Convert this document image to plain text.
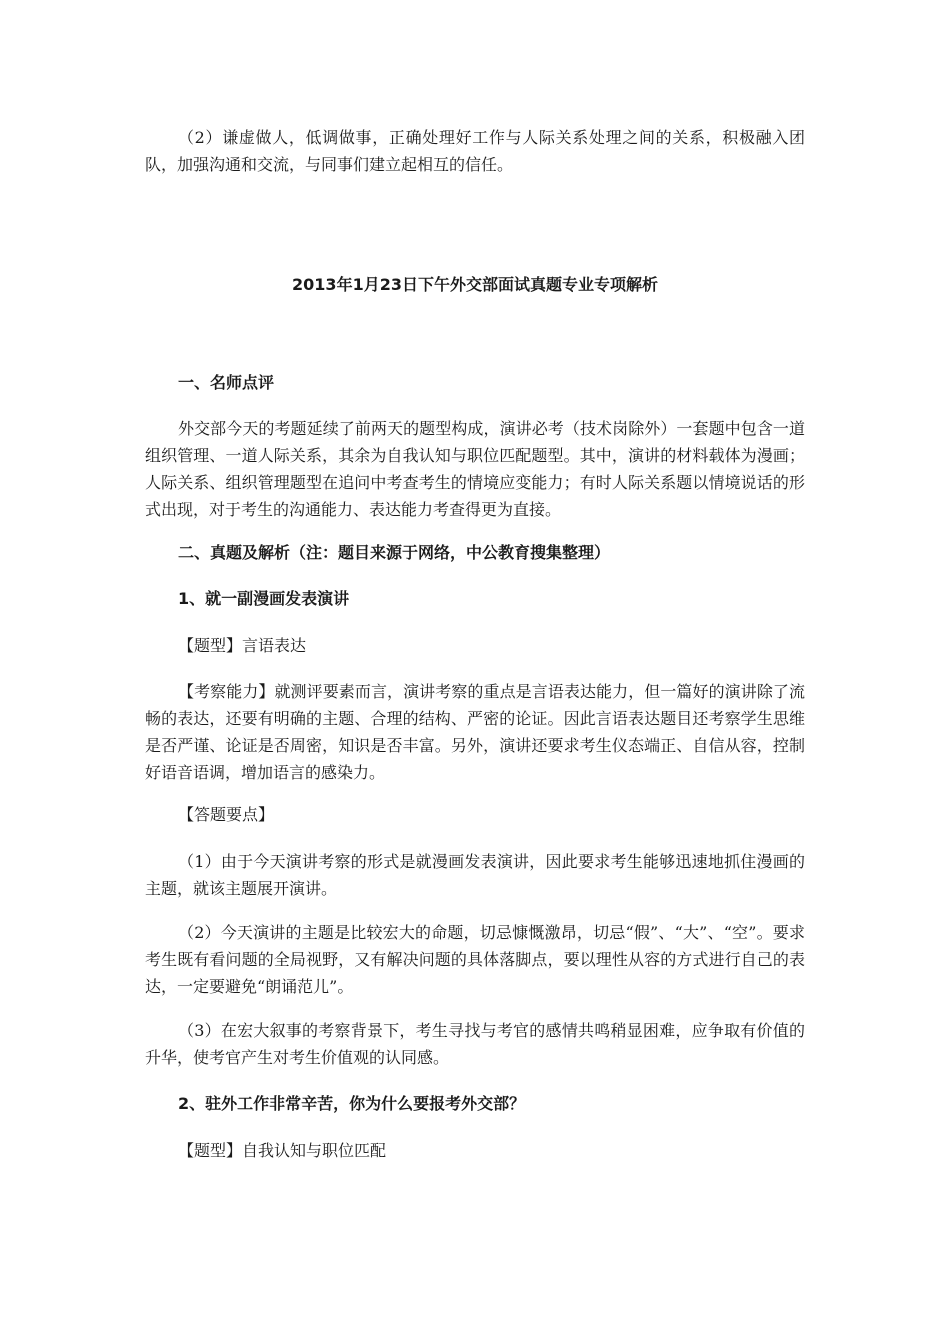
（2）谦虚做人，低调做事，正确处理好工作与人际关系处理之间的关系，积极融入团队，加强沟通和交流，与同事们建立起相互的信任。

2013年1月23日下午外交部面试真题专业专项解析

一、名师点评

外交部今天的考题延续了前两天的题型构成，演讲必考（技术岗除外）一套题中包含一道组织管理、一道人际关系，其余为自我认知与职位匹配题型。其中，演讲的材料载体为漫画；人际关系、组织管理题型在追问中考查考生的情境应变能力；有时人际关系题以情境说话的形式出现，对于考生的沟通能力、表达能力考查得更为直接。

二、真题及解析（注：题目来源于网络，中公教育搜集整理）

1、就一副漫画发表演讲

【题型】言语表达

【考察能力】就测评要素而言，演讲考察的重点是言语表达能力，但一篇好的演讲除了流畅的表达，还要有明确的主题、合理的结构、严密的论证。因此言语表达题目还考察学生思维是否严谨、论证是否周密，知识是否丰富。另外，演讲还要求考生仪态端正、自信从容，控制好语音语调，增加语言的感染力。

【答题要点】

（1）由于今天演讲考察的形式是就漫画发表演讲，因此要求考生能够迅速地抓住漫画的主题，就该主题展开演讲。

（2）今天演讲的主题是比较宏大的命题，切忌慷慨激昂，切忌“假”、“大”、“空”。要求考生既有看问题的全局视野，又有解决问题的具体落脚点，要以理性从容的方式进行自己的表达，一定要避免“朗诵范儿”。

（3）在宏大叙事的考察背景下，考生寻找与考官的感情共鸣稍显困难，应争取有价值的升华，使考官产生对考生价值观的认同感。

2、驻外工作非常辛苦，你为什么要报考外交部？

【题型】自我认知与职位匹配
